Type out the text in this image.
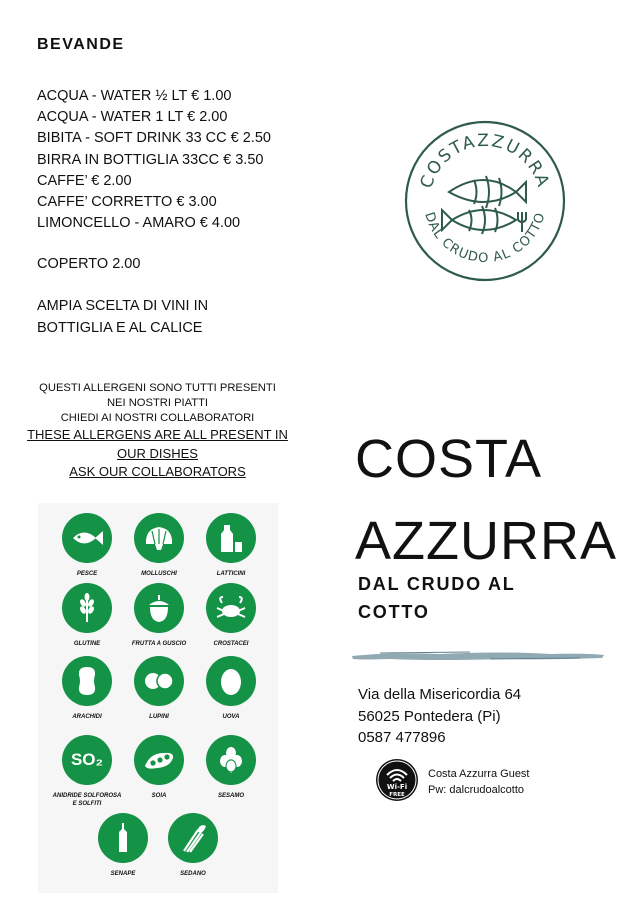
BEVANDE
ACQUA - WATER ½ LT € 1.00
ACQUA - WATER 1 LT € 2.00
BIBITA - SOFT DRINK 33 CC € 2.50
BIRRA IN BOTTIGLIA 33CC € 3.50
CAFFE’ € 2.00
CAFFE’ CORRETTO € 3.00
LIMONCELLO - AMARO € 4.00
COPERTO 2.00
AMPIA SCELTA DI VINI IN
BOTTIGLIA E AL CALICE
COSTAZZURRA
DAL CRUDO AL COTTO
QUESTI ALLERGENI SONO TUTTI PRESENTI
NEI NOSTRI PIATTI
CHIEDI AI NOSTRI COLLABORATORI
THESE ALLERGENS ARE ALL PRESENT IN
OUR DISHES
ASK OUR COLLABORATORS
PESCE	MOLLUSCHI	LATTICINI
GLUTINE	FRUTTA A GUSCIO	CROSTACEI
ARACHIDI	LUPINI	UOVA
SO₂
ANIDRIDE SOLFOROSA E SOLFITI
SOIA	SESAMO
SENAPE	SEDANO
COSTA
AZZURRA
DAL CRUDO AL
COTTO
Via della Misericordia 64
56025 Pontedera (Pi)
0587 477896
Wi-Fi
FREE
Costa Azzurra Guest
Pw: dalcrudoalcotto
